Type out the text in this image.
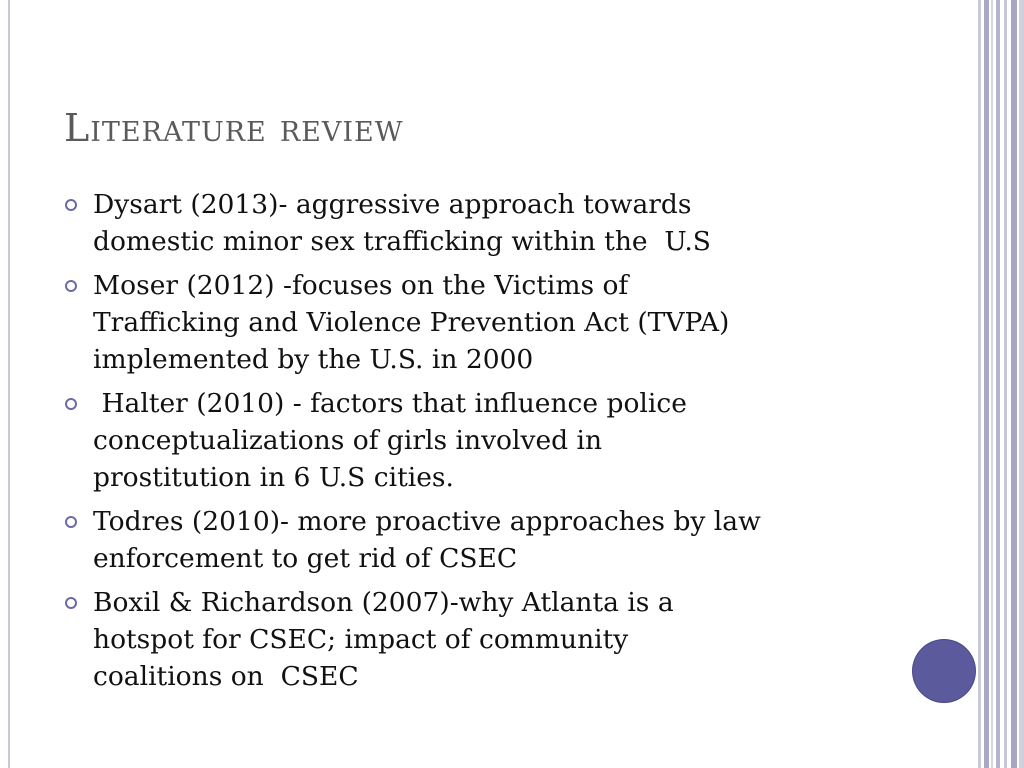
Literature review
Dysart (2013)- aggressive approach towards
domestic minor sex trafficking within the  U.S
Moser (2012) -focuses on the Victims of
Trafficking and Violence Prevention Act (TVPA)
implemented by the U.S. in 2000
Halter (2010) - factors that influence police
conceptualizations of girls involved in
prostitution in 6 U.S cities.
Todres (2010)- more proactive approaches by law
enforcement to get rid of CSEC
Boxil & Richardson (2007)-why Atlanta is a
hotspot for CSEC; impact of community
coalitions on  CSEC
